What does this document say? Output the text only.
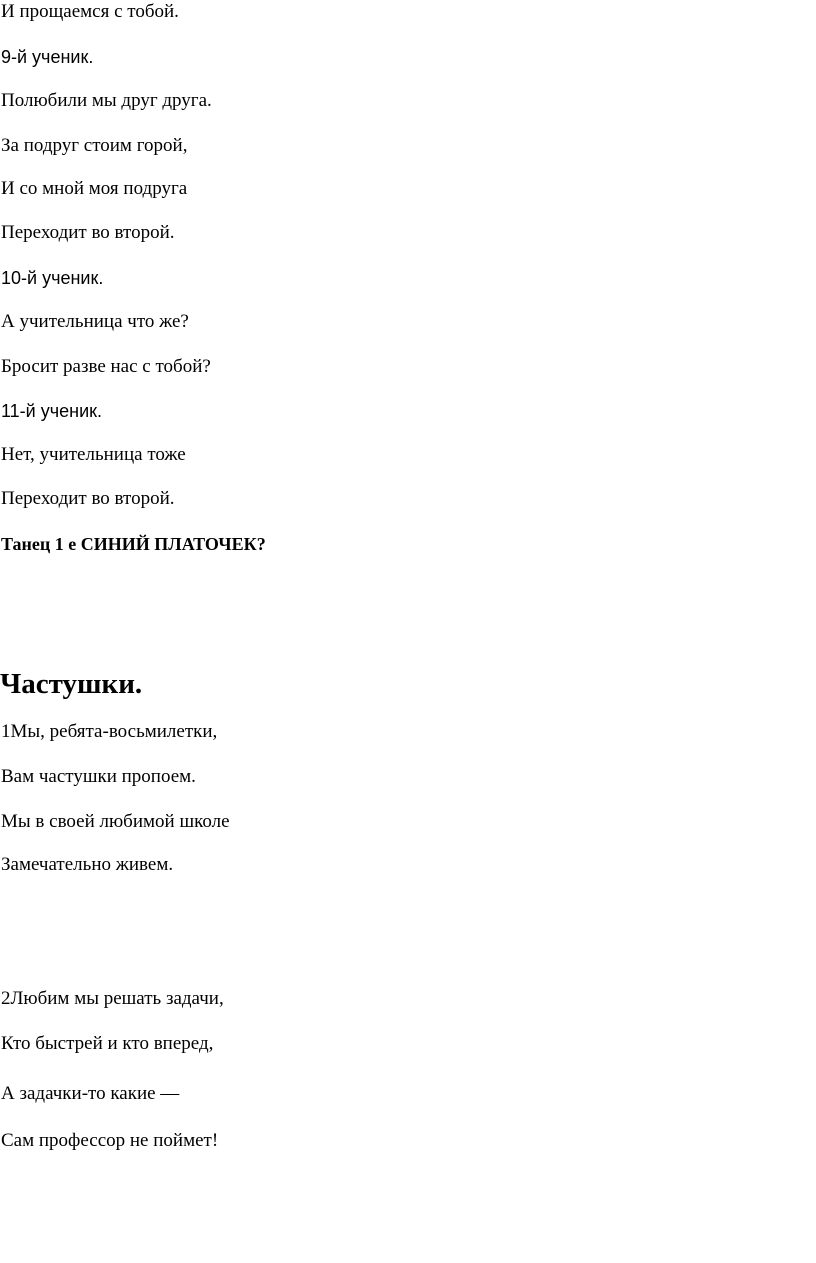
И прощаемся с тобой.

9-й ученик.

Полюбили мы друг друга.

За подруг стоим горой,

И со мной моя подруга

Переходит во второй.

10-й ученик.

А учительница что же?

Бросит разве нас с тобой?

11-й ученик.

Нет, учительница тоже

Переходит во второй.

Танец 1 е СИНИЙ ПЛАТОЧЕК?

Частушки.

1Мы, ребята-восьмилетки,

Вам частушки пропоем.

Мы в своей любимой школе

Замечательно живем.

2Любим мы решать задачи,

Кто быстрей и кто вперед,

А задачки-то какие —

Сам профессор не поймет!
